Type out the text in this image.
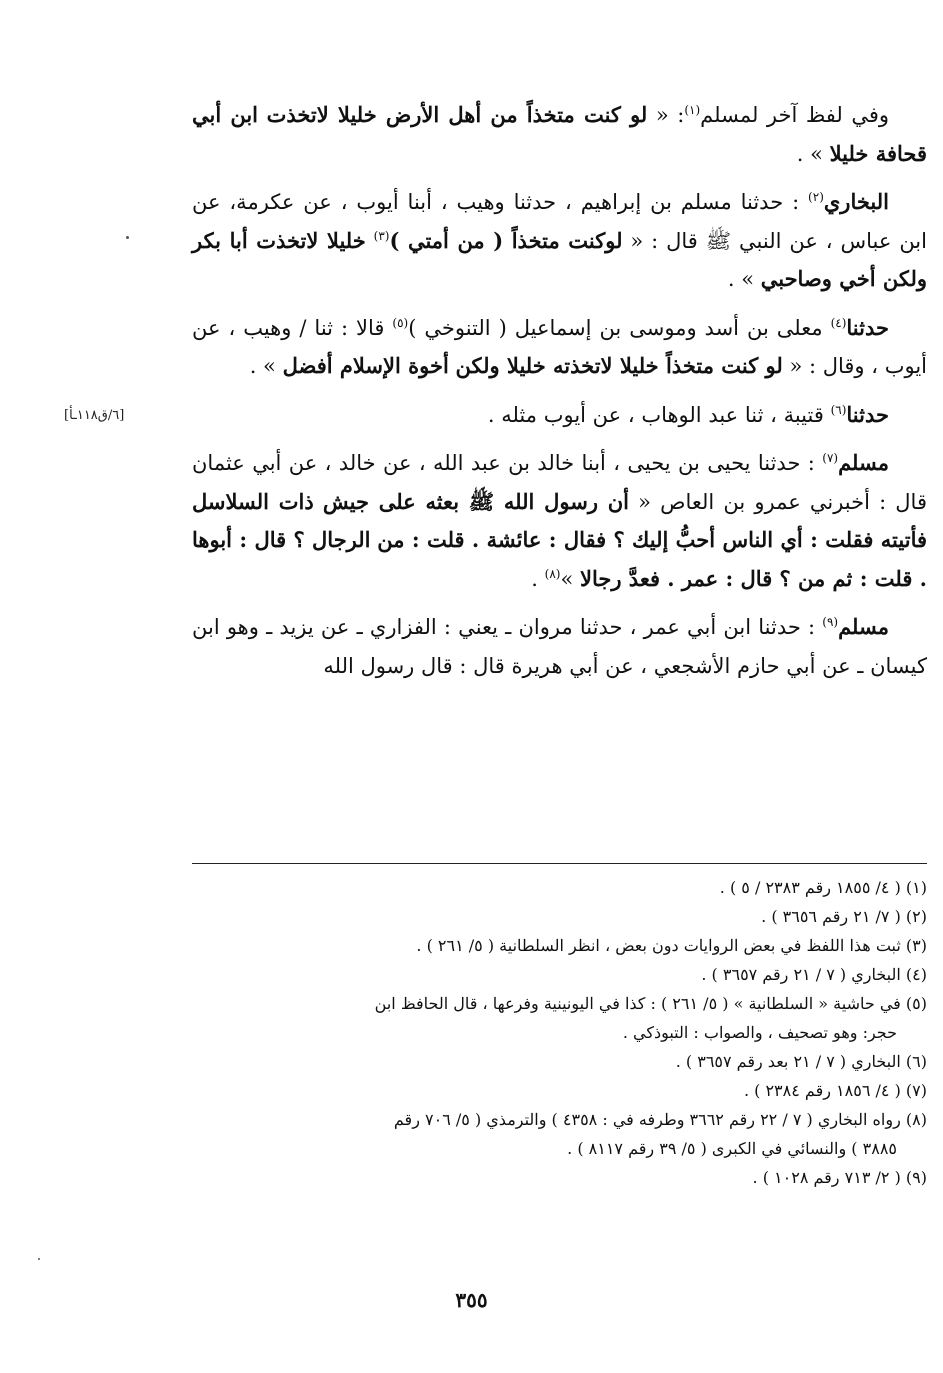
وفي لفظ آخر لمسلم$^{(١)}$: « لو كنت متخذاً من أهل الأرض خليلا لاتخذت ابن أبي قحافة خليلا » .

البخاري$^{(٢)}$ : حدثنا مسلم بن إبراهيم ، حدثنا وهيب ، أبنا أيوب ، عن عكرمة، عن ابن عباس ، عن النبي ﷺ قال : « لوكنت متخذاً ( من أمتي )$^{(٣)}$ خليلا لاتخذت أبا بكر ولكن أخي وصاحبي » .

حدثنا$^{(٤)}$ معلى بن أسد وموسى بن إسماعيل ( التنوخي )$^{(٥)}$ قالا : ثنا / وهيب ، عن أيوب ، وقال : « لو كنت متخذاً خليلا لاتخذته خليلا ولكن أخوة الإسلام أفضل » .

حدثنا$^{(٦)}$ قتيبة ، ثنا عبد الوهاب ، عن أيوب مثله .

مسلم$^{(٧)}$ : حدثنا يحيى بن يحيى ، أبنا خالد بن عبد الله ، عن خالد ، عن أبي عثمان قال : أخبرني عمرو بن العاص « أن رسول الله ﷺ بعثه على جيش ذات السلاسل فأتيته فقلت : أي الناس أحبُّ إليك ؟ فقال : عائشة . قلت : من الرجال ؟ قال : أبوها . قلت : ثم من ؟ قال : عمر . فعدَّ رجالا »$^{(٨)}$ .

مسلم$^{(٩)}$ : حدثنا ابن أبي عمر ، حدثنا مروان ـ يعني : الفزاري ـ عن يزيد ـ وهو ابن كيسان ـ عن أبي حازم الأشجعي ، عن أبي هريرة قال : قال رسول الله

[٦/ق١١٨ـأ]

(١) ( ٤/ ١٨٥٥ رقم ٢٣٨٣ / ٥ ) .

(٢) ( ٧/ ٢١ رقم ٣٦٥٦ ) .

(٣) ثبت هذا اللفظ في بعض الروايات دون بعض ، انظر السلطانية ( ٥/ ٢٦١ ) .

(٤) البخاري ( ٧ / ٢١ رقم ٣٦٥٧ ) .

(٥) في حاشية « السلطانية » ( ٥/ ٢٦١ ) : كذا في اليونينية وفرعها ، قال الحافظ ابن
حجر: وهو تصحيف ، والصواب : التبوذكي .

(٦) البخاري ( ٧ / ٢١ بعد رقم ٣٦٥٧ ) .

(٧) ( ٤/ ١٨٥٦ رقم ٢٣٨٤ ) .

(٨) رواه البخاري ( ٧ / ٢٢ رقم ٣٦٦٢ وطرفه في : ٤٣٥٨ ) والترمذي ( ٥/ ٧٠٦ رقم
٣٨٨٥ ) والنسائي في الكبرى ( ٥/ ٣٩ رقم ٨١١٧ ) .

(٩) ( ٢/ ٧١٣ رقم ١٠٢٨ ) .

٣٥٥
